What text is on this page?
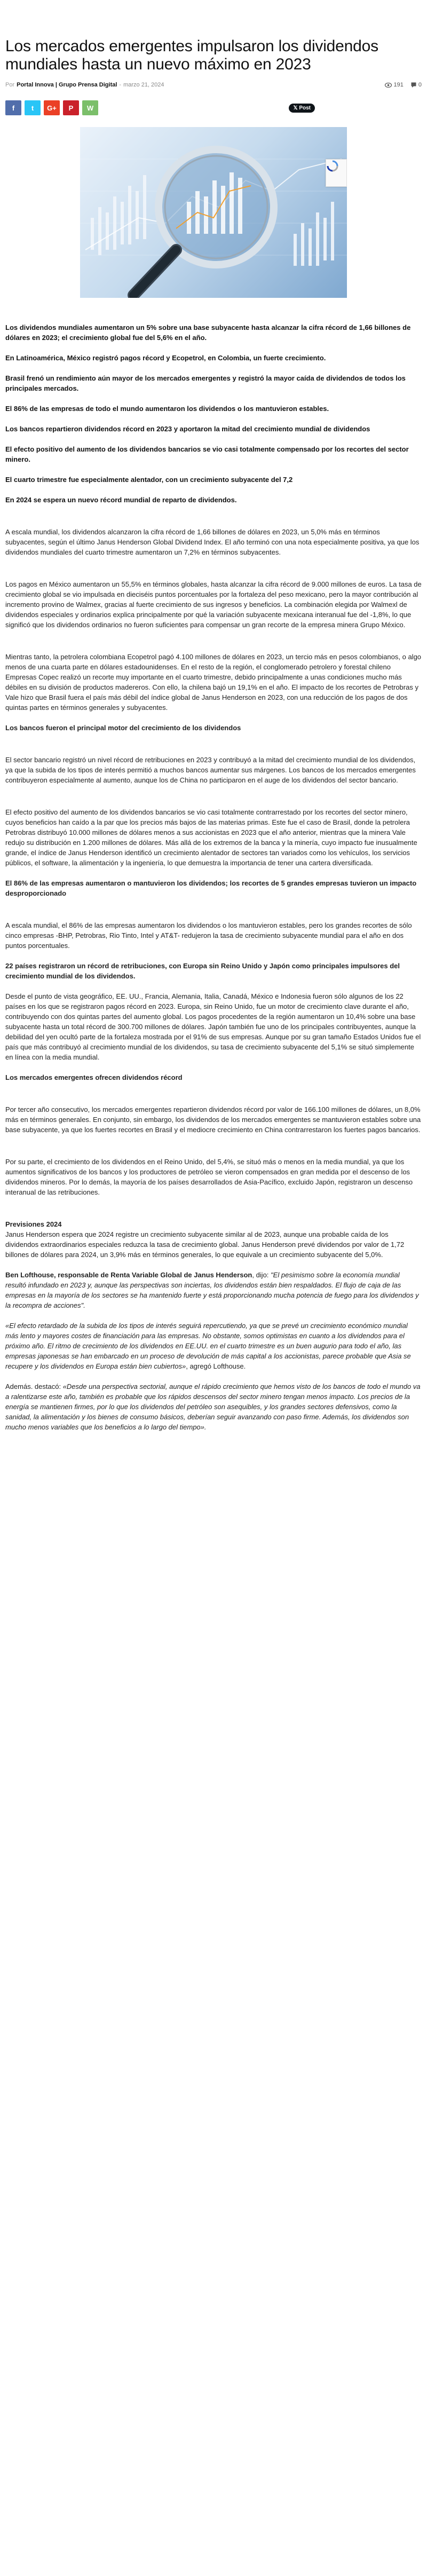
Los mercados emergentes impulsaron los dividendos mundiales hasta un nuevo máximo en 2023
Por Portal Innova | Grupo Prensa Digital - marzo 21, 2024	191	0
f t G+ P W	𝕏 Post

Los dividendos mundiales aumentaron un 5% sobre una base subyacente hasta alcanzar la cifra récord de 1,66 billones de dólares en 2023; el crecimiento global fue del 5,6% en el año.

En Latinoamérica, México registró pagos récord y Ecopetrol, en Colombia, un fuerte crecimiento.

Brasil frenó un rendimiento aún mayor de los mercados emergentes y registró la mayor caída de dividendos de todos los principales mercados.

El 86% de las empresas de todo el mundo aumentaron los dividendos o los mantuvieron estables.

Los bancos repartieron dividendos récord en 2023 y aportaron la mitad del crecimiento mundial de dividendos

El efecto positivo del aumento de los dividendos bancarios se vio casi totalmente compensado por los recortes del sector minero.

El cuarto trimestre fue especialmente alentador, con un crecimiento subyacente del 7,2

En 2024 se espera un nuevo récord mundial de reparto de dividendos.

A escala mundial, los dividendos alcanzaron la cifra récord de 1,66 billones de dólares en 2023, un 5,0% más en términos subyacentes, según el último Janus Henderson Global Dividend Index. El año terminó con una nota especialmente positiva, ya que los dividendos mundiales del cuarto trimestre aumentaron un 7,2% en términos subyacentes.

Los pagos en México aumentaron un 55,5% en términos globales, hasta alcanzar la cifra récord de 9.000 millones de euros. La tasa de crecimiento global se vio impulsada en dieciséis puntos porcentuales por la fortaleza del peso mexicano, pero la mayor contribución al incremento provino de Walmex, gracias al fuerte crecimiento de sus ingresos y beneficios. La combinación elegida por Walmexl de dividendos especiales y ordinarios explica principalmente por qué la variación subyacente mexicana interanual fue del -1,8%, lo que significó que los dividendos ordinarios no fueron suficientes para compensar un gran recorte de la empresa minera Grupo México.

Mientras tanto, la petrolera colombiana Ecopetrol pagó 4.100 millones de dólares en 2023, un tercio más en pesos colombianos, o algo menos de una cuarta parte en dólares estadounidenses. En el resto de la región, el conglomerado petrolero y forestal chileno Empresas Copec realizó un recorte muy importante en el cuarto trimestre, debido principalmente a unas condiciones mucho más débiles en su división de productos madereros. Con ello, la chilena bajó un 19,1% en el año. El impacto de los recortes de Petrobras y Vale hizo que Brasil fuera el país más débil del índice global de Janus Henderson en 2023, con una reducción de los pagos de dos quintas partes en términos generales y subyacentes.

Los bancos fueron el principal motor del crecimiento de los dividendos

El sector bancario registró un nivel récord de retribuciones en 2023 y contribuyó a la mitad del crecimiento mundial de los dividendos, ya que la subida de los tipos de interés permitió a muchos bancos aumentar sus márgenes. Los bancos de los mercados emergentes contribuyeron especialmente al aumento, aunque los de China no participaron en el auge de los dividendos del sector bancario.

El efecto positivo del aumento de los dividendos bancarios se vio casi totalmente contrarrestado por los recortes del sector minero, cuyos beneficios han caído a la par que los precios más bajos de las materias primas. Este fue el caso de Brasil, donde la petrolera Petrobras distribuyó 10.000 millones de dólares menos a sus accionistas en 2023 que el año anterior, mientras que la minera Vale redujo su distribución en 1.200 millones de dólares. Más allá de los extremos de la banca y la minería, cuyo impacto fue inusualmente grande, el índice de Janus Henderson identificó un crecimiento alentador de sectores tan variados como los vehículos, los servicios públicos, el software, la alimentación y la ingeniería, lo que demuestra la importancia de tener una cartera diversificada.

El 86% de las empresas aumentaron o mantuvieron los dividendos; los recortes de 5 grandes empresas tuvieron un impacto desproporcionado

A escala mundial, el 86% de las empresas aumentaron los dividendos o los mantuvieron estables, pero los grandes recortes de sólo cinco empresas -BHP, Petrobras, Rio Tinto, Intel y AT&T- redujeron la tasa de crecimiento subyacente mundial para el año en dos puntos porcentuales.

22 países registraron un récord de retribuciones, con Europa sin Reino Unido y Japón como principales impulsores del crecimiento mundial de los dividendos.

Desde el punto de vista geográfico, EE. UU., Francia, Alemania, Italia, Canadá, México e Indonesia fueron sólo algunos de los 22 países en los que se registraron pagos récord en 2023. Europa, sin Reino Unido, fue un motor de crecimiento clave durante el año, contribuyendo con dos quintas partes del aumento global. Los pagos procedentes de la región aumentaron un 10,4% sobre una base subyacente hasta un total récord de 300.700 millones de dólares. Japón también fue uno de los principales contribuyentes, aunque la debilidad del yen ocultó parte de la fortaleza mostrada por el 91% de sus empresas. Aunque por su gran tamaño Estados Unidos fue el país que más contribuyó al crecimiento mundial de los dividendos, su tasa de crecimiento subyacente del 5,1% se situó simplemente en línea con la media mundial.

Los mercados emergentes ofrecen dividendos récord

Por tercer año consecutivo, los mercados emergentes repartieron dividendos récord por valor de 166.100 millones de dólares, un 8,0% más en términos generales. En conjunto, sin embargo, los dividendos de los mercados emergentes se mantuvieron estables sobre una base subyacente, ya que los fuertes recortes en Brasil y el mediocre crecimiento en China contrarrestaron los fuertes pagos bancarios.

Por su parte, el crecimiento de los dividendos en el Reino Unido, del 5,4%, se situó más o menos en la media mundial, ya que los aumentos significativos de los bancos y los productores de petróleo se vieron compensados en gran medida por el descenso de los dividendos mineros. Por lo demás, la mayoría de los países desarrollados de Asia-Pacífico, excluido Japón, registraron un descenso interanual de las retribuciones.

Previsiones 2024

Janus Henderson espera que 2024 registre un crecimiento subyacente similar al de 2023, aunque una probable caída de los dividendos extraordinarios especiales reduzca la tasa de crecimiento global. Janus Henderson prevé dividendos por valor de 1,72 billones de dólares para 2024, un 3,9% más en términos generales, lo que equivale a un crecimiento subyacente del 5,0%.

Ben Lofthouse, responsable de Renta Variable Global de Janus Henderson, dijo: "El pesimismo sobre la economía mundial resultó infundado en 2023 y, aunque las perspectivas son inciertas, los dividendos están bien respaldados. El flujo de caja de las empresas en la mayoría de los sectores se ha mantenido fuerte y está proporcionando mucha potencia de fuego para los dividendos y la recompra de acciones".

«El efecto retardado de la subida de los tipos de interés seguirá repercutiendo, ya que se prevé un crecimiento económico mundial más lento y mayores costes de financiación para las empresas. No obstante, somos optimistas en cuanto a los dividendos para el próximo año. El ritmo de crecimiento de los dividendos en EE.UU. en el cuarto trimestre es un buen augurio para todo el año, las empresas japonesas se han embarcado en un proceso de devolución de más capital a los accionistas, parece probable que Asia se recupere y los dividendos en Europa están bien cubiertos», agregó Lofthouse.

Además. destacó: «Desde una perspectiva sectorial, aunque el rápido crecimiento que hemos visto de los bancos de todo el mundo va a ralentizarse este año, también es probable que los rápidos descensos del sector minero tengan menos impacto. Los precios de la energía se mantienen firmes, por lo que los dividendos del petróleo son asequibles, y los grandes sectores defensivos, como la sanidad, la alimentación y los bienes de consumo básicos, deberían seguir avanzando con paso firme. Además, los dividendos son mucho menos variables que los beneficios a lo largo del tiempo».
